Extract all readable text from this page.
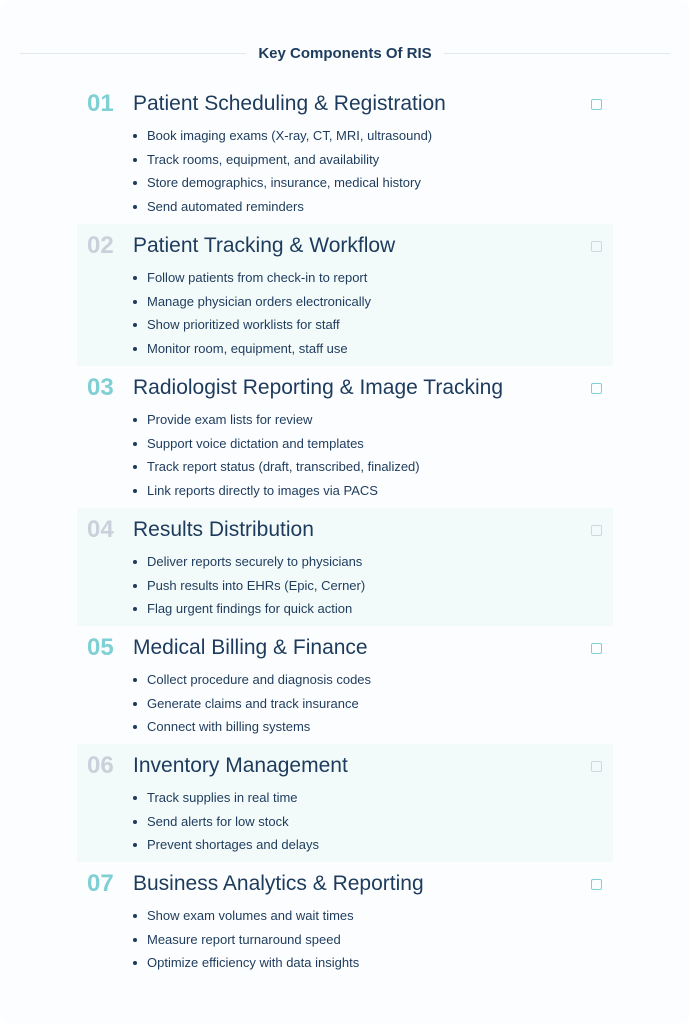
Key Components Of RIS
01 Patient Scheduling & Registration
Book imaging exams (X-ray, CT, MRI, ultrasound)
Track rooms, equipment, and availability
Store demographics, insurance, medical history
Send automated reminders
02 Patient Tracking & Workflow
Follow patients from check-in to report
Manage physician orders electronically
Show prioritized worklists for staff
Monitor room, equipment, staff use
03 Radiologist Reporting & Image Tracking
Provide exam lists for review
Support voice dictation and templates
Track report status (draft, transcribed, finalized)
Link reports directly to images via PACS
04 Results Distribution
Deliver reports securely to physicians
Push results into EHRs (Epic, Cerner)
Flag urgent findings for quick action
05 Medical Billing & Finance
Collect procedure and diagnosis codes
Generate claims and track insurance
Connect with billing systems
06 Inventory Management
Track supplies in real time
Send alerts for low stock
Prevent shortages and delays
07 Business Analytics & Reporting
Show exam volumes and wait times
Measure report turnaround speed
Optimize efficiency with data insights
